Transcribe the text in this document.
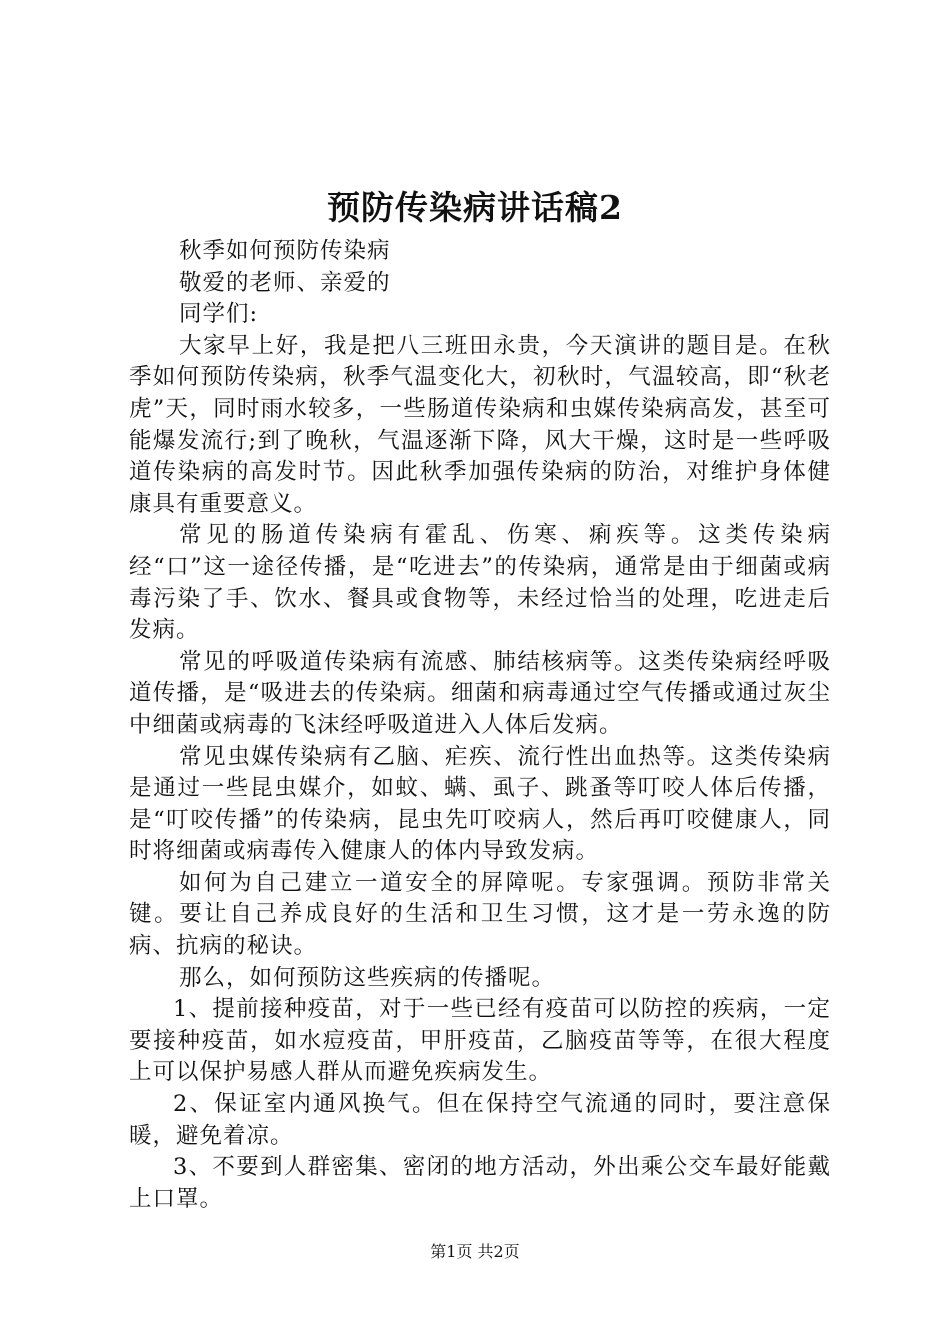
预防传染病讲话稿2

秋季如何预防传染病

敬爱的老师、亲爱的

同学们:

大家早上好，我是把八三班田永贵，今天演讲的题目是。在秋季如何预防传染病，秋季气温变化大，初秋时，气温较高，即“秋老虎”天，同时雨水较多，一些肠道传染病和虫媒传染病高发，甚至可能爆发流行;到了晚秋，气温逐渐下降，风大干燥，这时是一些呼吸道传染病的高发时节。因此秋季加强传染病的防治，对维护身体健康具有重要意义。

常见的肠道传染病有霍乱、伤寒、痢疾等。这类传染病经“口”这一途径传播，是“吃进去”的传染病，通常是由于细菌或病毒污染了手、饮水、餐具或食物等，未经过恰当的处理，吃进走后发病。

常见的呼吸道传染病有流感、肺结核病等。这类传染病经呼吸道传播，是“吸进去的传染病。细菌和病毒通过空气传播或通过灰尘中细菌或病毒的飞沫经呼吸道进入人体后发病。

常见虫媒传染病有乙脑、疟疾、流行性出血热等。这类传染病是通过一些昆虫媒介，如蚊、螨、虱子、跳蚤等叮咬人体后传播，是“叮咬传播”的传染病，昆虫先叮咬病人，然后再叮咬健康人，同时将细菌或病毒传入健康人的体内导致发病。

如何为自己建立一道安全的屏障呢。专家强调。预防非常关键。要让自己养成良好的生活和卫生习惯，这才是一劳永逸的防病、抗病的秘诀。

那么，如何预防这些疾病的传播呢。

1、提前接种疫苗，对于一些已经有疫苗可以防控的疾病，一定要接种疫苗，如水痘疫苗，甲肝疫苗，乙脑疫苗等等，在很大程度上可以保护易感人群从而避免疾病发生。

2、保证室内通风换气。但在保持空气流通的同时，要注意保暖，避免着凉。

3、不要到人群密集、密闭的地方活动，外出乘公交车最好能戴上口罩。

第1页 共2页
